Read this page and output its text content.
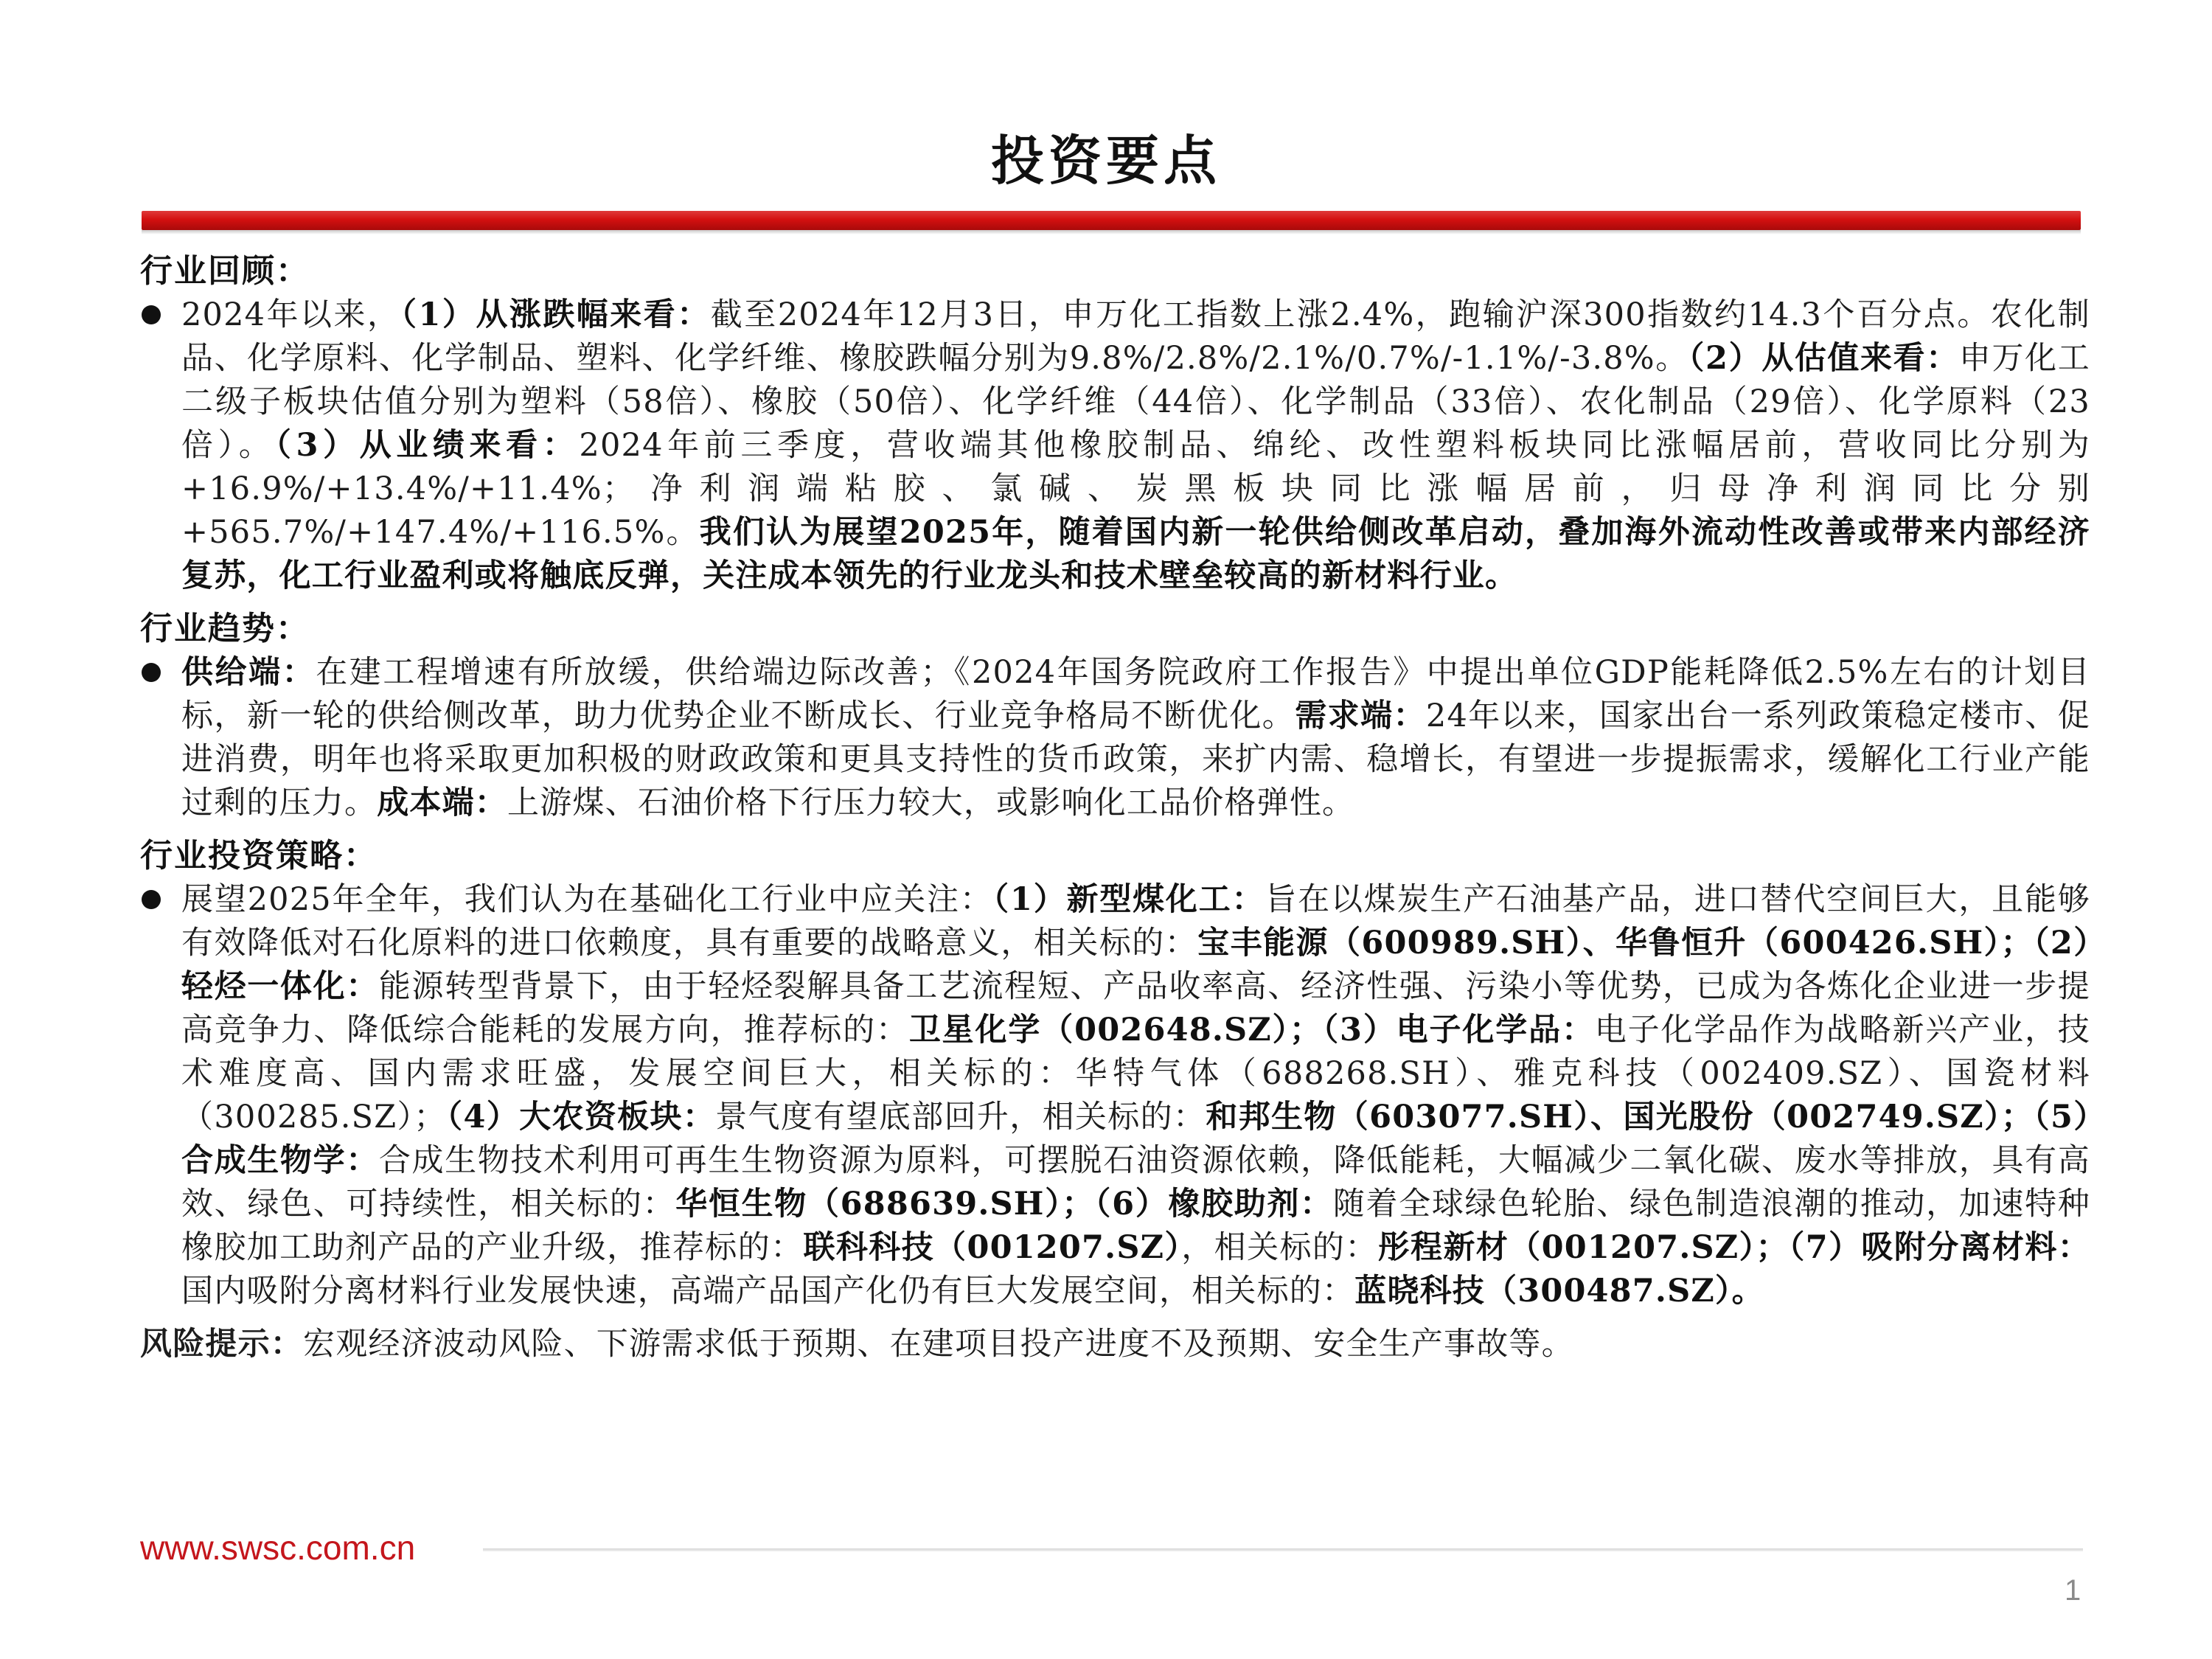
投资要点
行业回顾：

2024年以来，（1）从涨跌幅来看：截至2024年12月3日，申万化工指数上涨2.4%，跑输沪深300指数约14.3个百分点。农化制品、化学原料、化学制品、塑料、化学纤维、橡胶跌幅分别为9.8%/2.8%/2.1%/0.7%/-1.1%/-3.8%。（2）从估值来看：申万化工二级子板块估值分别为塑料（58倍）、橡胶（50倍）、化学纤维（44倍）、化学制品（33倍）、农化制品（29倍）、化学原料（23倍）。（3）从业绩来看：2024年前三季度，营收端其他橡胶制品、绵纶、改性塑料板块同比涨幅居前，营收同比分别为+16.9%/+13.4%/+11.4%；净利润端粘胶、氯碱、炭黑板块同比涨幅居前，归母净利润同比分别+565.7%/+147.4%/+116.5%。我们认为展望2025年，随着国内新一轮供给侧改革启动，叠加海外流动性改善或带来内部经济复苏，化工行业盈利或将触底反弹，关注成本领先的行业龙头和技术壁垒较高的新材料行业。

行业趋势：

供给端：在建工程增速有所放缓，供给端边际改善；《2024年国务院政府工作报告》中提出单位GDP能耗降低2.5%左右的计划目标，新一轮的供给侧改革，助力优势企业不断成长、行业竞争格局不断优化。需求端：24年以来，国家出台一系列政策稳定楼市、促进消费，明年也将采取更加积极的财政政策和更具支持性的货币政策，来扩内需、稳增长，有望进一步提振需求，缓解化工行业产能过剩的压力。成本端：上游煤、石油价格下行压力较大，或影响化工品价格弹性。

行业投资策略：

展望2025年全年，我们认为在基础化工行业中应关注：（1）新型煤化工：旨在以煤炭生产石油基产品，进口替代空间巨大，且能够有效降低对石化原料的进口依赖度，具有重要的战略意义，相关标的：宝丰能源（600989.SH）、华鲁恒升（600426.SH）；（2）轻烃一体化：能源转型背景下，由于轻烃裂解具备工艺流程短、产品收率高、经济性强、污染小等优势，已成为各炼化企业进一步提高竞争力、降低综合能耗的发展方向，推荐标的：卫星化学（002648.SZ）；（3）电子化学品：电子化学品作为战略新兴产业，技术难度高、国内需求旺盛，发展空间巨大，相关标的：华特气体（688268.SH）、雅克科技（002409.SZ）、国瓷材料（300285.SZ）；（4）大农资板块：景气度有望底部回升，相关标的：和邦生物（603077.SH）、国光股份（002749.SZ）；（5）合成生物学：合成生物技术利用可再生生物资源为原料，可摆脱石油资源依赖，降低能耗，大幅减少二氧化碳、废水等排放，具有高效、绿色、可持续性，相关标的：华恒生物（688639.SH）；（6）橡胶助剂：随着全球绿色轮胎、绿色制造浪潮的推动，加速特种橡胶加工助剂产品的产业升级，推荐标的：联科科技（001207.SZ），相关标的：彤程新材（001207.SZ）；（7）吸附分离材料：国内吸附分离材料行业发展快速，高端产品国产化仍有巨大发展空间，相关标的：蓝晓科技（300487.SZ）。

风险提示：宏观经济波动风险、下游需求低于预期、在建项目投产进度不及预期、安全生产事故等。

www.swsc.com.cn
1
